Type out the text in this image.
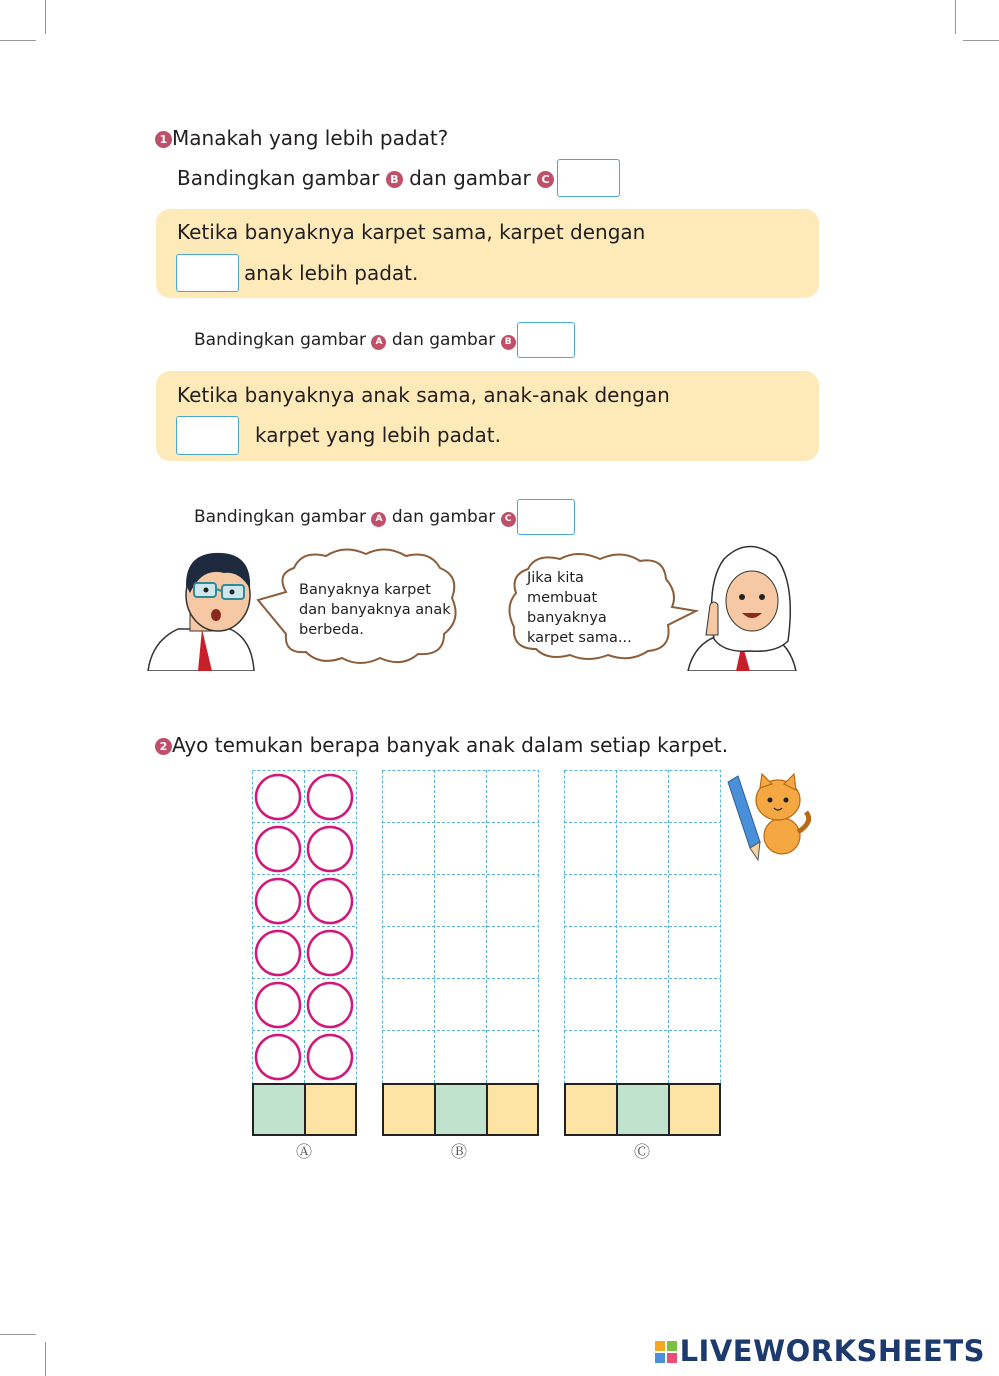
1 Manakah yang lebih padat?
Bandingkan gambar B dan gambar C
Ketika banyaknya karpet sama, karpet dengan
anak lebih padat.
Bandingkan gambar A dan gambar B
Ketika banyaknya anak sama, anak-anak dengan
karpet yang lebih padat.
Bandingkan gambar A dan gambar C
Banyaknya karpet
dan banyaknya anak
berbeda.
Jika kita
membuat
banyaknya
karpet sama...
2 Ayo temukan berapa banyak anak dalam setiap karpet.
Ⓐ	Ⓑ	Ⓒ
LIVEWORKSHEETS
